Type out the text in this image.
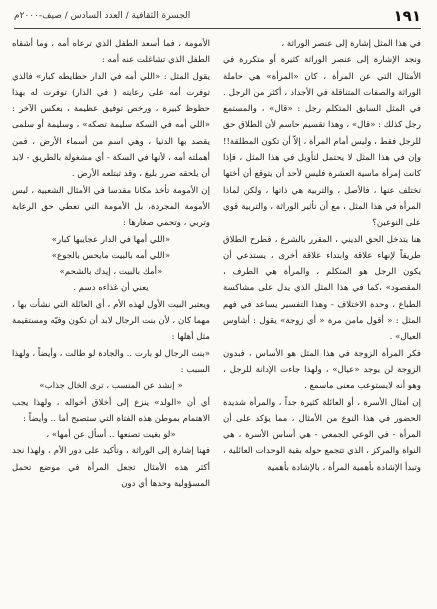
١٩١
الجسرة الثقافية / العدد السادس / صيف-٢٠٠٠م

في هذا المثل إشارة إلى عنصر الوراثة ،

ونجد الإشارة إلى عنصر الوراثة كثيرة أو متكررة في الأمثال التي عن المرأة ، كان «المرأة» هي حاملة الوراثة والصفات المتناقلة في الأجداد ، أكثر من الرجل . في المثل السابق المتكلم رجل : «قال» ، والمستمع رجل كذلك : «قال» ، وهذا تقسيم حاسم لأن الطلاق حق للرجل فقط ، وليس أمام المرأة ، إلاّ أن تكون المطلقة!! وإن في هذا المثل لا يحتمل لتأويل في هذا المثل ، فإذا كانت إمرأة ماسية العشرة فليس لأحد أن يتوقع أن أختها تختلف عنها ، فالأصل ، والتربية هي ذاتها ، ولكن لماذا المرأة في هذا المثل ، مع أن تأثير الوراثة ، والتربية قوي على النوعين؟

هنا يتدخل الحق الديني ، المقرر بالشرع ، فطرح الطلاق طريقاً لإنهاء علاقة وابتداء علاقة أخرى ، يستدعي أن يكون الرجل هو المتكلم ، والمرأة هي الطرف ، المقصود» ،كما في هذا المثل الذي يدل على مشاكسة الطباع ، وحدة الاختلاف - وهذا التفسير يساعد في فهم المثل : « أقول مامن مرة « أي زوجة» يقول : أشاوس العيال» .

فكر المرأة الزوجة في هذا المثل هو الأساس ، فبدون الزوجة لن يوجد «عيال» ، ولهذا جاءت الإدانة للرجل ، وهو أنه لايستوعب معنى ماسمع .

إن أمثال الأسرة ، أو العائلة كثيرة جداً ، والمرأة شديدة الحضور في هذا النوع من الأمثال ، مما يؤكد على أن المرأة - في الوعي الجمعي - هي أساس الأسرة ، هي النواة والمركز ، الذي تتجمع حوله بقية الوحدات العائلية ، وتبدأ الإشادة بأهمية المرأة ، بالإشادة بأهمية

الأمومة ، فما أسعد الطفل الذي ترعاه أمه ، وما أشقاه الطفل الذي تشاغلت عنه أمه :

يقول المثل : «اللي أمه في الدار حطايطه كبار» فالذي توفرت أمه على رعايته ( في الدار) توفرت له بهذا حظوظ كبيرة ، ورخص توفيق عظيمة ، بعكس الآخر : «اللي أمه في السكة سليمة تصكه» ، وسليمة أو سلمى يقصد بها الدنيا ، وهي اسم من أسماء الأرض ، فمن أهملته أمه ، لأنها في السكة - أي مشغولة بالطريق - لابد أن يلحقه ضرر بليغ ، وقد تبتلعه الأرض .

إن الأمومة تأخذ مكانا مقدسا في الأمثال الشعبية ، ليس الأمومة المجردة، بل الأمومة التي تعطي حق الرعاية وتربي ، وتحمي صغارها :

«اللي أمها في الدار عجايبها كبار»

«اللي أمه بالبيت مايحس بالجوع»

«أمك بالبيت ، إيدك بالشحم»

يعني أن غذاءه دسم .

ويعتبر البيت الأول لهذه الأم ، أي العائلة التي نشأت بها ، مهما كان ، لأن بنت الرجال لابد أن تكون وفيّه ومستقيمة مثل أهلها :

«بنت الرجال لو بارت .. والجادة لو طالت ، وأيضاً ، ولهذا السبب :

« إنشد عن المنسب ، ترى الخال جذاب»

أي أن «الولد» ينزع إلى أخلاق أخواله ، ولهذا يجب الاهتمام بموطن هذه الفتاة التي ستصبح أما .. وأيضاً :

«لو بغيت تصنعها .. أسأل عن أمها» ،

فهنا إشارة إلى الوراثة ، وتأكيد على دور الأم ، ولهذا نجد أكثر هذه الأمثال تجعل المرأة في موضع تحمل المسؤولية وحدها أي دون
